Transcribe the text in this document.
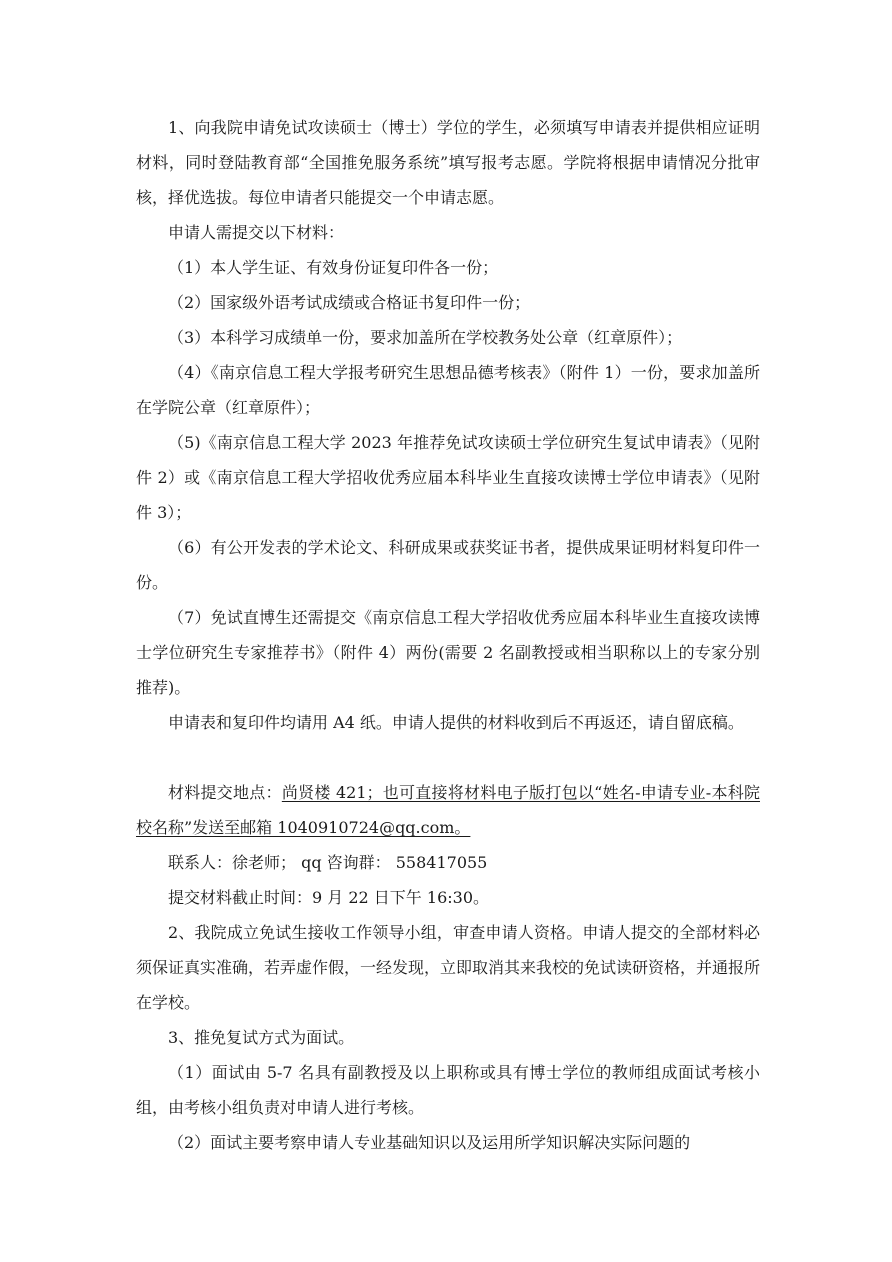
1、向我院申请免试攻读硕士（博士）学位的学生，必须填写申请表并提供相应证明材料，同时登陆教育部“全国推免服务系统”填写报考志愿。学院将根据申请情况分批审核，择优选拔。每位申请者只能提交一个申请志愿。

申请人需提交以下材料：

（1）本人学生证、有效身份证复印件各一份；

（2）国家级外语考试成绩或合格证书复印件一份；

（3）本科学习成绩单一份，要求加盖所在学校教务处公章（红章原件）；

（4）《南京信息工程大学报考研究生思想品德考核表》（附件 1）一份，要求加盖所在学院公章（红章原件）；

（5)《南京信息工程大学 2023 年推荐免试攻读硕士学位研究生复试申请表》（见附件 2）或《南京信息工程大学招收优秀应届本科毕业生直接攻读博士学位申请表》（见附件 3）；

（6）有公开发表的学术论文、科研成果或获奖证书者，提供成果证明材料复印件一份。

（7）免试直博生还需提交《南京信息工程大学招收优秀应届本科毕业生直接攻读博士学位研究生专家推荐书》（附件 4）两份(需要 2 名副教授或相当职称以上的专家分别推荐)。

申请表和复印件均请用 A4 纸。申请人提供的材料收到后不再返还，请自留底稿。

材料提交地点：尚贤楼 421；也可直接将材料电子版打包以“姓名-申请专业-本科院校名称”发送至邮箱 1040910724@qq.com。

联系人：徐老师； qq 咨询群： 558417055

提交材料截止时间：9 月 22 日下午 16:30。

2、我院成立免试生接收工作领导小组，审查申请人资格。申请人提交的全部材料必须保证真实准确，若弄虚作假，一经发现，立即取消其来我校的免试读研资格，并通报所在学校。

3、推免复试方式为面试。

（1）面试由 5-7 名具有副教授及以上职称或具有博士学位的教师组成面试考核小组，由考核小组负责对申请人进行考核。

（2）面试主要考察申请人专业基础知识以及运用所学知识解决实际问题的
